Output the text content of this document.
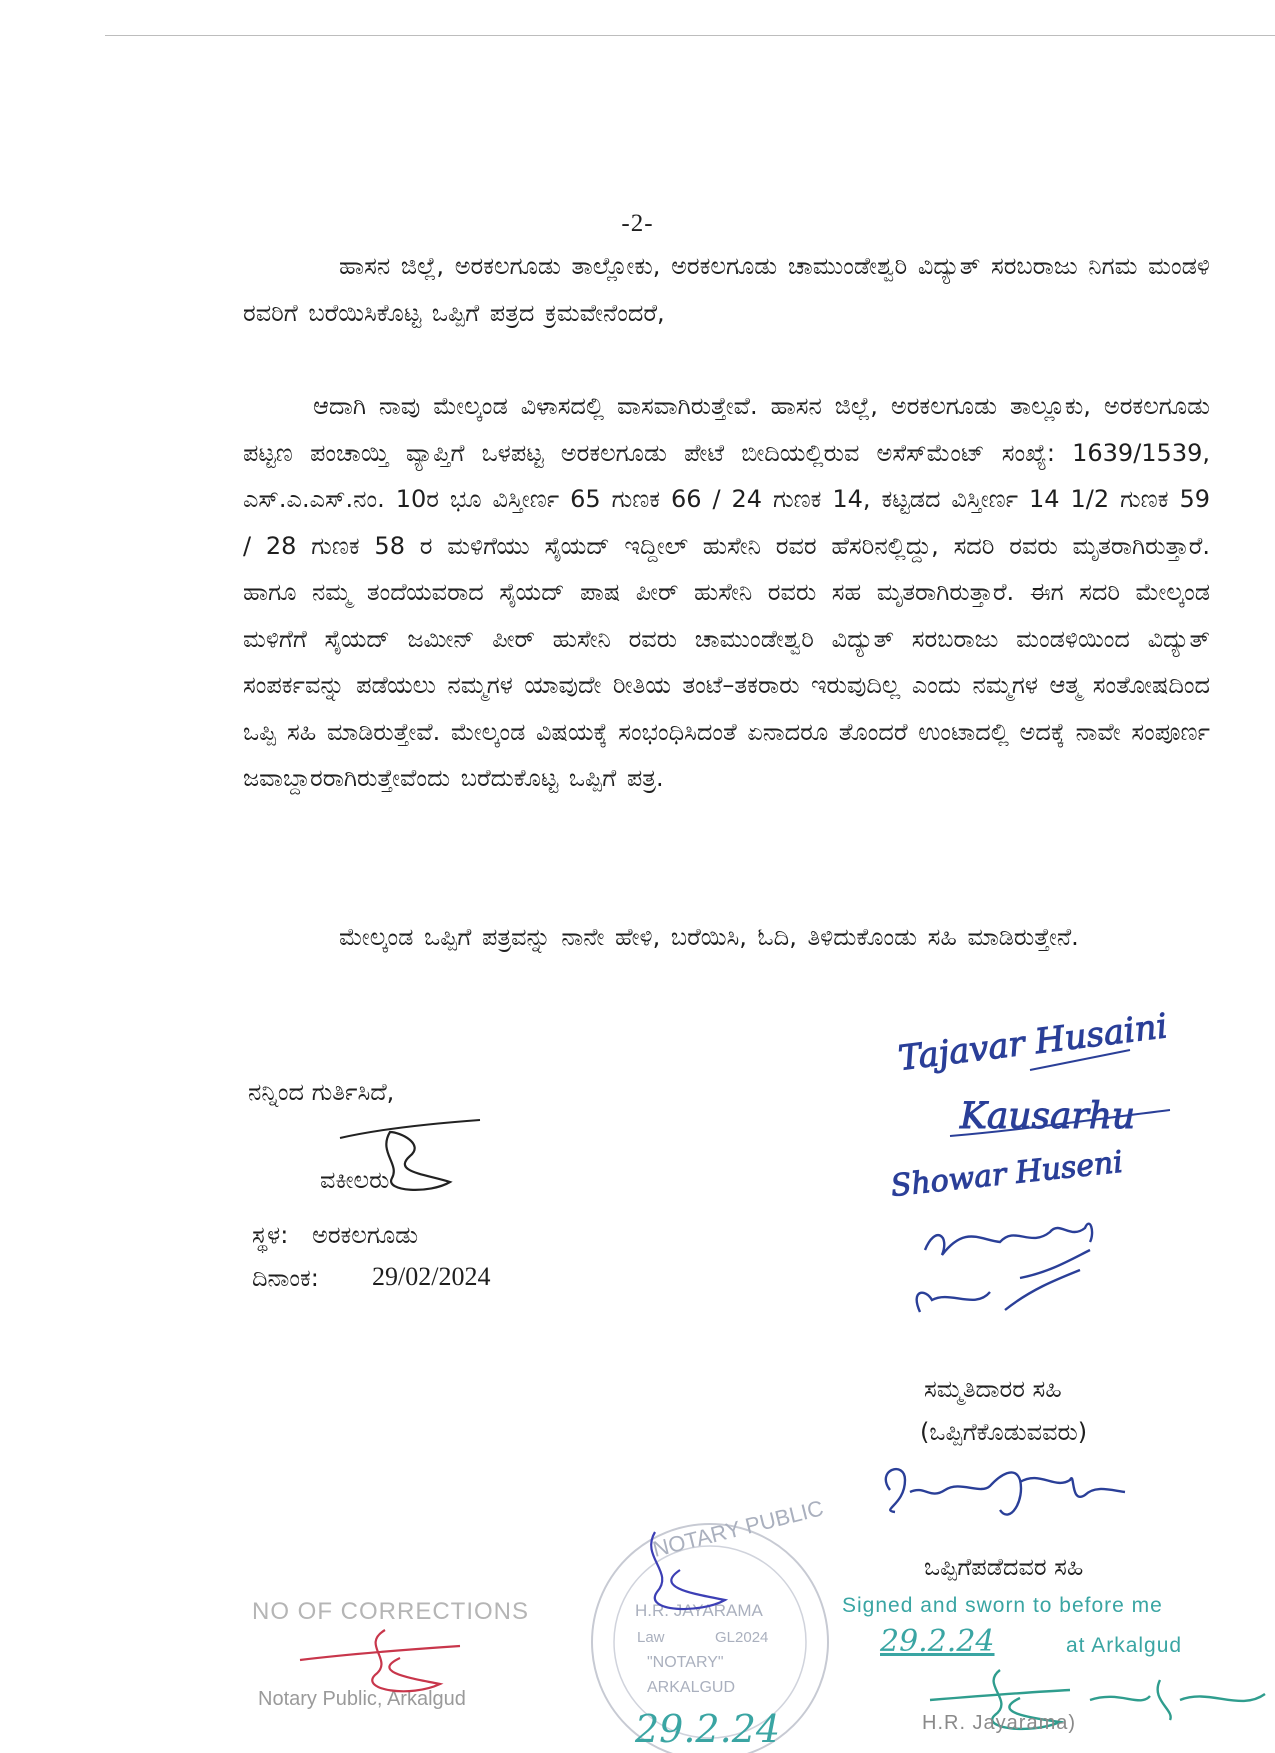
-2-
ಹಾಸನ ಜಿಲ್ಲೆ, ಅರಕಲಗೂಡು ತಾಲ್ಲೋಕು, ಅರಕಲಗೂಡು ಚಾಮುಂಡೇಶ್ವರಿ ವಿದ್ಯುತ್ ಸರಬರಾಜು ನಿಗಮ ಮಂಡಳಿ ರವರಿಗೆ ಬರೆಯಿಸಿಕೊಟ್ಟ ಒಪ್ಪಿಗೆ ಪತ್ರದ ಕ್ರಮವೇನೆಂದರೆ,
ಆದಾಗಿ ನಾವು ಮೇಲ್ಕಂಡ ವಿಳಾಸದಲ್ಲಿ ವಾಸವಾಗಿರುತ್ತೇವೆ. ಹಾಸನ ಜಿಲ್ಲೆ, ಅರಕಲಗೂಡು ತಾಲ್ಲೂಕು, ಅರಕಲಗೂಡು ಪಟ್ಟಣ ಪಂಚಾಯ್ತಿ ವ್ಯಾಪ್ತಿಗೆ ಒಳಪಟ್ಟ ಅರಕಲಗೂಡು ಪೇಟೆ ಬೀದಿಯಲ್ಲಿರುವ ಅಸೆಸ್‌ಮೆಂಟ್ ಸಂಖ್ಯೆ: 1639/1539, ಎಸ್.ಎ.ಎಸ್.ನಂ. 10ರ ಭೂ ವಿಸ್ತೀರ್ಣ 65 ಗುಣಕ 66 / 24 ಗುಣಕ 14, ಕಟ್ಟಡದ ವಿಸ್ತೀರ್ಣ 14 1/2 ಗುಣಕ 59 / 28 ಗುಣಕ 58 ರ ಮಳಿಗೆಯು ಸೈಯದ್ ಇದ್ದೀಲ್ ಹುಸೇನಿ ರವರ ಹೆಸರಿನಲ್ಲಿದ್ದು, ಸದರಿ ರವರು ಮೃತರಾಗಿರುತ್ತಾರೆ. ಹಾಗೂ ನಮ್ಮ ತಂದೆಯವರಾದ ಸೈಯದ್ ಪಾಷ ಪೀರ್ ಹುಸೇನಿ ರವರು ಸಹ ಮೃತರಾಗಿರುತ್ತಾರೆ. ಈಗ ಸದರಿ ಮೇಲ್ಕಂಡ ಮಳಿಗೆಗೆ ಸೈಯದ್ ಜಮೀನ್ ಪೀರ್ ಹುಸೇನಿ ರವರು ಚಾಮುಂಡೇಶ್ವರಿ ವಿದ್ಯುತ್ ಸರಬರಾಜು ಮಂಡಳಿಯಿಂದ ವಿದ್ಯುತ್ ಸಂಪರ್ಕವನ್ನು ಪಡೆಯಲು ನಮ್ಮಗಳ ಯಾವುದೇ ರೀತಿಯ ತಂಟೆ–ತಕರಾರು ಇರುವುದಿಲ್ಲ ಎಂದು ನಮ್ಮಗಳ ಆತ್ಮ ಸಂತೋಷದಿಂದ ಒಪ್ಪಿ ಸಹಿ ಮಾಡಿರುತ್ತೇವೆ. ಮೇಲ್ಕಂಡ ವಿಷಯಕ್ಕೆ ಸಂಭಂಧಿಸಿದಂತೆ ಏನಾದರೂ ತೊಂದರೆ ಉಂಟಾದಲ್ಲಿ ಅದಕ್ಕೆ ನಾವೇ ಸಂಪೂರ್ಣ ಜವಾಬ್ದಾರರಾಗಿರುತ್ತೇವೆಂದು ಬರೆದುಕೊಟ್ಟ ಒಪ್ಪಿಗೆ ಪತ್ರ.
ಮೇಲ್ಕಂಡ ಒಪ್ಪಿಗೆ ಪತ್ರವನ್ನು ನಾನೇ ಹೇಳಿ, ಬರೆಯಿಸಿ, ಓದಿ, ತಿಳಿದುಕೊಂಡು ಸಹಿ ಮಾಡಿರುತ್ತೇನೆ.
ನನ್ನಿಂದ ಗುರ್ತಿಸಿದೆ,
ವಕೀಲರು
ಸ್ಥಳ: ಅರಕಲಗೂಡು
ದಿನಾಂಕ: 29/02/2024
Tajavar Husaini
Kausarhu
Showar Huseni
ಸಮ್ಮತಿದಾರರ ಸಹಿ
(ಒಪ್ಪಿಗೆಕೊಡುವವರು)
ಒಪ್ಪಿಗೆಪಡೆದವರ ಸಹಿ
NO OF CORRECTIONS
Notary Public, Arkalgud
NOTARY PUBLIC
H.R. JAYARAMA
Law	GL2024
"NOTARY"
ARKALGUD
29.2.24
Signed and sworn to before me
29.2.24	at Arkalgud
H.R. Jayarama)
